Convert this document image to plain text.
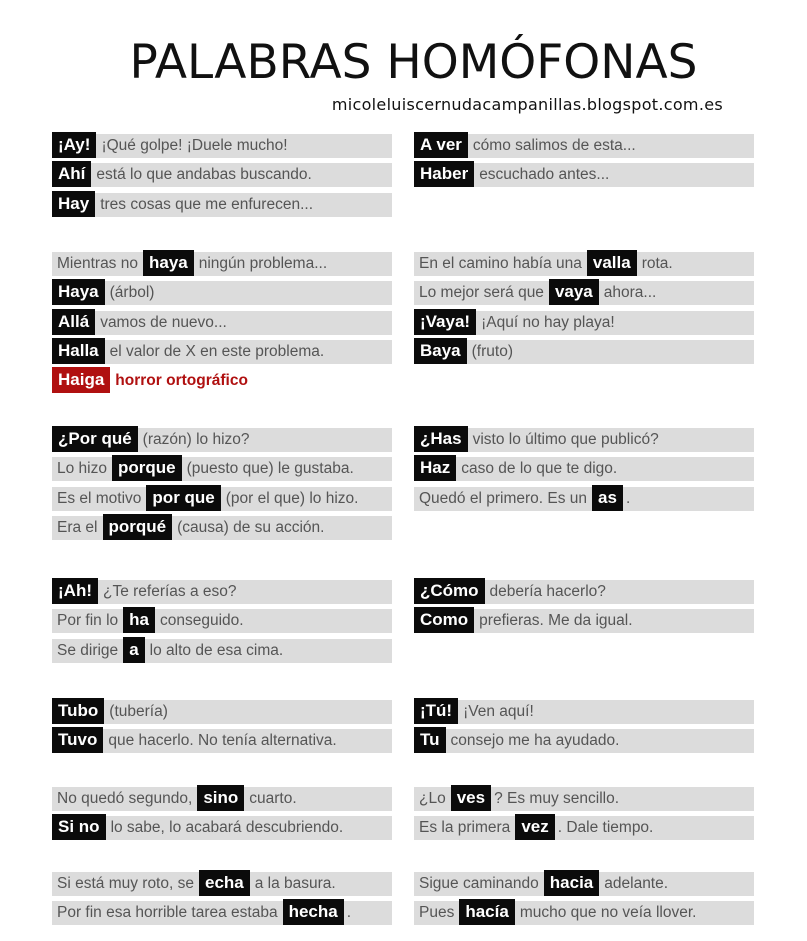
PALABRAS HOMÓFONAS
micoleluiscernudacampanillas.blogspot.com.es
¡Ay! ¡Qué golpe! ¡Duele mucho!
Ahí está lo que andabas buscando.
Hay tres cosas que me enfurecen...
A ver cómo salimos de esta...
Haber escuchado antes...
Mientras no haya ningún problema...
Haya (árbol)
Allá vamos de nuevo...
Halla el valor de X en este problema.
Haiga horror ortográfico
En el camino había una valla rota.
Lo mejor será que vaya ahora...
¡Vaya! ¡Aquí no hay playa!
Baya (fruto)
¿Por qué (razón) lo hizo?
Lo hizo porque (puesto que) le gustaba.
Es el motivo por que (por el que) lo hizo.
Era el porqué (causa) de su acción.
¿Has visto lo último que publicó?
Haz caso de lo que te digo.
Quedó el primero. Es un as .
¡Ah! ¿Te referías a eso?
Por fin lo ha conseguido.
Se dirige a lo alto de esa cima.
¿Cómo debería hacerlo?
Como prefieras. Me da igual.
Tubo (tubería)
Tuvo que hacerlo. No tenía alternativa.
¡Tú! ¡Ven aquí!
Tu consejo me ha ayudado.
No quedó segundo, sino cuarto.
Si no lo sabe, lo acabará descubriendo.
¿Lo ves ? Es muy sencillo.
Es la primera vez . Dale tiempo.
Si está muy roto, se echa a la basura.
Por fin esa horrible tarea estaba hecha .
Sigue caminando hacia adelante.
Pues hacía mucho que no veía llover.
